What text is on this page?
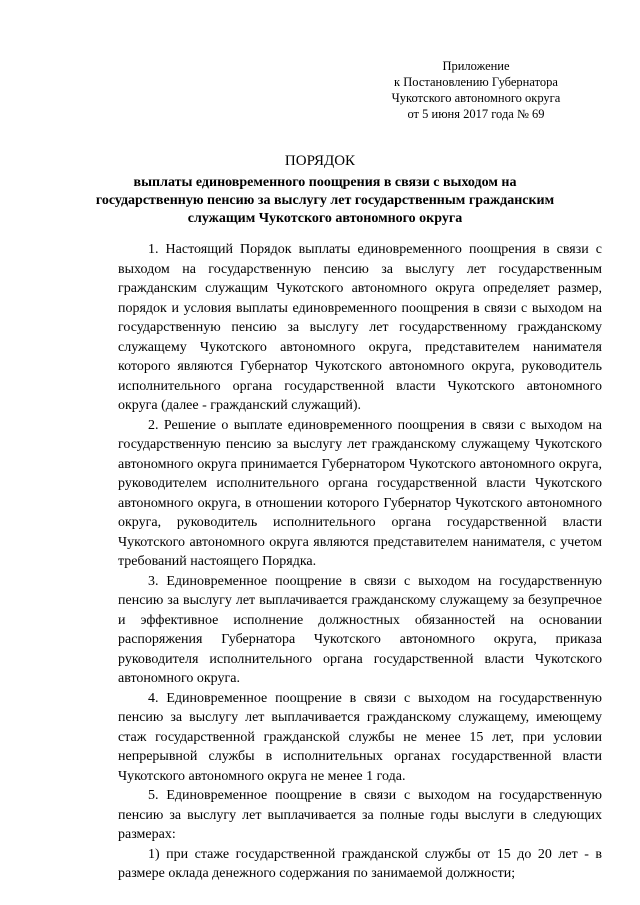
Приложение
к Постановлению Губернатора
Чукотского автономного округа
от 5 июня 2017 года № 69
ПОРЯДОК
выплаты единовременного поощрения в связи с выходом на государственную пенсию за выслугу лет государственным гражданским служащим Чукотского автономного округа

1. Настоящий Порядок выплаты единовременного поощрения в связи с выходом на государственную пенсию за выслугу лет государственным гражданским служащим Чукотского автономного округа определяет размер, порядок и условия выплаты единовременного поощрения в связи с выходом на государственную пенсию за выслугу лет государственному гражданскому служащему Чукотского автономного округа, представителем нанимателя которого являются Губернатор Чукотского автономного округа, руководитель исполнительного органа государственной власти Чукотского автономного округа (далее - гражданский служащий).

2. Решение о выплате единовременного поощрения в связи с выходом на государственную пенсию за выслугу лет гражданскому служащему Чукотского автономного округа принимается Губернатором Чукотского автономного округа, руководителем исполнительного органа государственной власти Чукотского автономного округа, в отношении которого Губернатор Чукотского автономного округа, руководитель исполнительного органа государственной власти Чукотского автономного округа являются представителем нанимателя, с учетом требований настоящего Порядка.

3. Единовременное поощрение в связи с выходом на государственную пенсию за выслугу лет выплачивается гражданскому служащему за безупречное и эффективное исполнение должностных обязанностей на основании распоряжения Губернатора Чукотского автономного округа, приказа руководителя исполнительного органа государственной власти Чукотского автономного округа.

4. Единовременное поощрение в связи с выходом на государственную пенсию за выслугу лет выплачивается гражданскому служащему, имеющему стаж государственной гражданской службы не менее 15 лет, при условии непрерывной службы в исполнительных органах государственной власти Чукотского автономного округа не менее 1 года.

5. Единовременное поощрение в связи с выходом на государственную пенсию за выслугу лет выплачивается за полные годы выслуги в следующих размерах:

1) при стаже государственной гражданской службы от 15 до 20 лет - в размере оклада денежного содержания по занимаемой должности;
